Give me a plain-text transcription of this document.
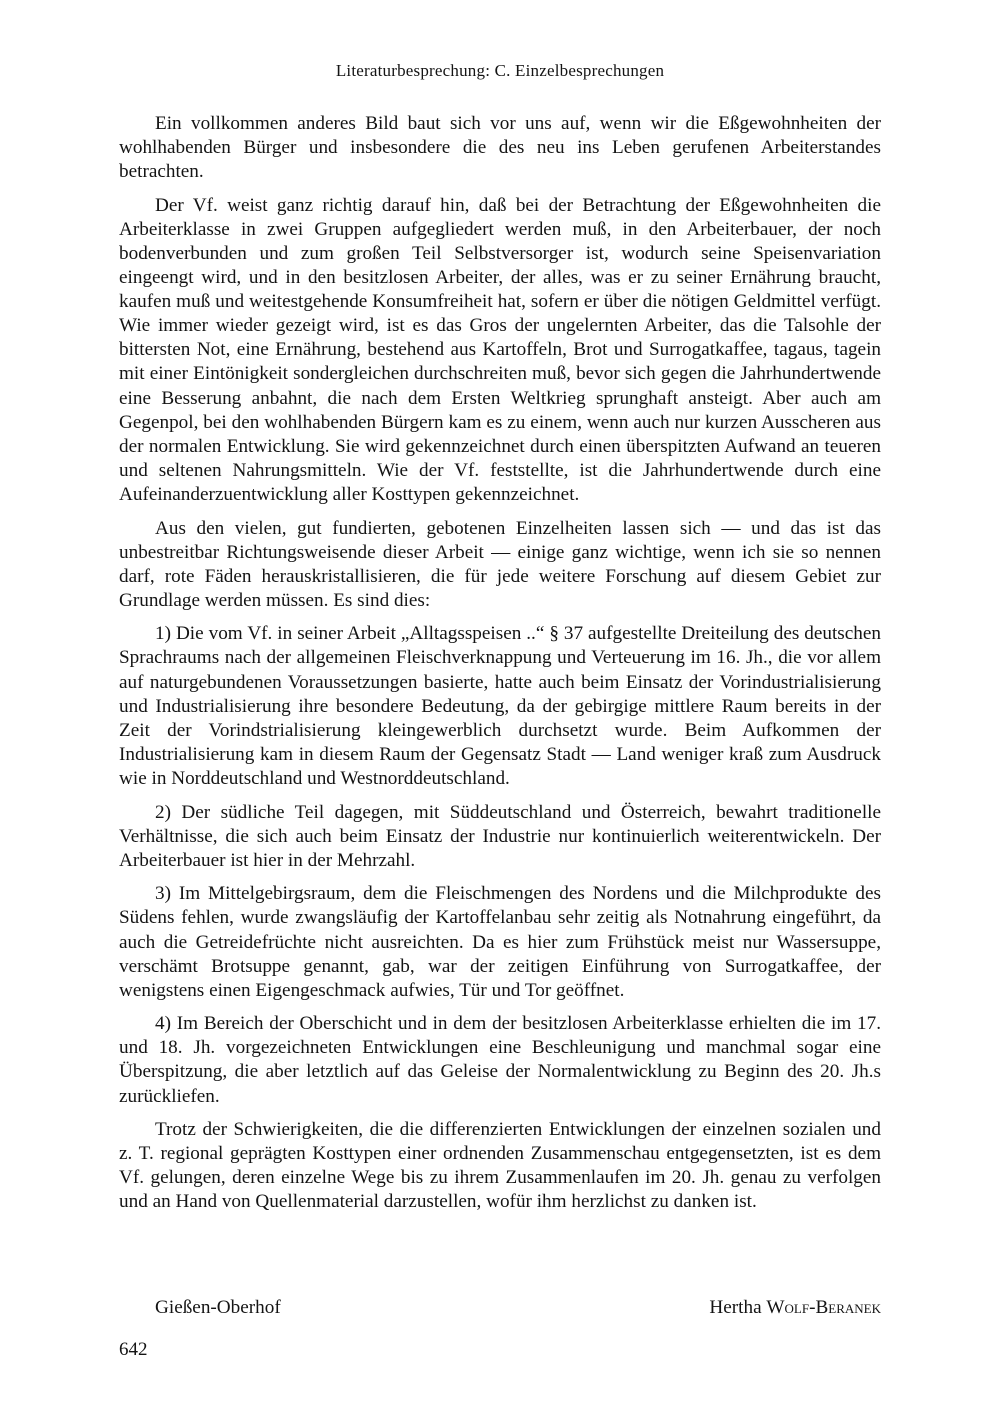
Literaturbesprechung: C. Einzelbesprechungen

Ein vollkommen anderes Bild baut sich vor uns auf, wenn wir die Eßgewohnheiten der wohlhabenden Bürger und insbesondere die des neu ins Leben gerufenen Arbeiterstandes betrachten.

Der Vf. weist ganz richtig darauf hin, daß bei der Betrachtung der Eßgewohnheiten die Arbeiterklasse in zwei Gruppen aufgegliedert werden muß, in den Arbeiterbauer, der noch bodenverbunden und zum großen Teil Selbstversorger ist, wodurch seine Speisenvariation eingeengt wird, und in den besitzlosen Arbeiter, der alles, was er zu seiner Ernährung braucht, kaufen muß und weitestgehende Konsumfreiheit hat, sofern er über die nötigen Geldmittel verfügt. Wie immer wieder gezeigt wird, ist es das Gros der ungelernten Arbeiter, das die Talsohle der bittersten Not, eine Ernährung, bestehend aus Kartoffeln, Brot und Surrogatkaffee, tagaus, tagein mit einer Eintönigkeit sondergleichen durchschreiten muß, bevor sich gegen die Jahrhundertwende eine Besserung anbahnt, die nach dem Ersten Weltkrieg sprunghaft ansteigt. Aber auch am Gegenpol, bei den wohlhabenden Bürgern kam es zu einem, wenn auch nur kurzen Ausscheren aus der normalen Entwicklung. Sie wird gekennzeichnet durch einen überspitzten Aufwand an teueren und seltenen Nahrungsmitteln. Wie der Vf. feststellte, ist die Jahrhundertwende durch eine Aufeinanderzuentwicklung aller Kosttypen gekennzeichnet.

Aus den vielen, gut fundierten, gebotenen Einzelheiten lassen sich — und das ist das unbestreitbar Richtungsweisende dieser Arbeit — einige ganz wichtige, wenn ich sie so nennen darf, rote Fäden herauskristallisieren, die für jede weitere Forschung auf diesem Gebiet zur Grundlage werden müssen. Es sind dies:

1) Die vom Vf. in seiner Arbeit „Alltagsspeisen ..“ § 37 aufgestellte Dreiteilung des deutschen Sprachraums nach der allgemeinen Fleischverknappung und Verteuerung im 16. Jh., die vor allem auf naturgebundenen Voraussetzungen basierte, hatte auch beim Einsatz der Vorindustrialisierung und Industrialisierung ihre besondere Bedeutung, da der gebirgige mittlere Raum bereits in der Zeit der Vorindstrialisierung kleingewerblich durchsetzt wurde. Beim Aufkommen der Industrialisierung kam in diesem Raum der Gegensatz Stadt — Land weniger kraß zum Ausdruck wie in Norddeutschland und Westnorddeutschland.

2) Der südliche Teil dagegen, mit Süddeutschland und Österreich, bewahrt traditionelle Verhältnisse, die sich auch beim Einsatz der Industrie nur kontinuierlich weiterentwickeln. Der Arbeiterbauer ist hier in der Mehrzahl.

3) Im Mittelgebirgsraum, dem die Fleischmengen des Nordens und die Milchprodukte des Südens fehlen, wurde zwangsläufig der Kartoffelanbau sehr zeitig als Notnahrung eingeführt, da auch die Getreidefrüchte nicht ausreichten. Da es hier zum Frühstück meist nur Wassersuppe, verschämt Brotsuppe genannt, gab, war der zeitigen Einführung von Surrogatkaffee, der wenigstens einen Eigengeschmack aufwies, Tür und Tor geöffnet.

4) Im Bereich der Oberschicht und in dem der besitzlosen Arbeiterklasse erhielten die im 17. und 18. Jh. vorgezeichneten Entwicklungen eine Beschleunigung und manchmal sogar eine Überspitzung, die aber letztlich auf das Geleise der Normalentwicklung zu Beginn des 20. Jh.s zurückliefen.

Trotz der Schwierigkeiten, die die differenzierten Entwicklungen der einzelnen sozialen und z. T. regional geprägten Kosttypen einer ordnenden Zusammenschau entgegensetzten, ist es dem Vf. gelungen, deren einzelne Wege bis zu ihrem Zusammenlaufen im 20. Jh. genau zu verfolgen und an Hand von Quellenmaterial darzustellen, wofür ihm herzlichst zu danken ist.

Gießen-Oberhof	Hertha Wolf-Beranek
642
